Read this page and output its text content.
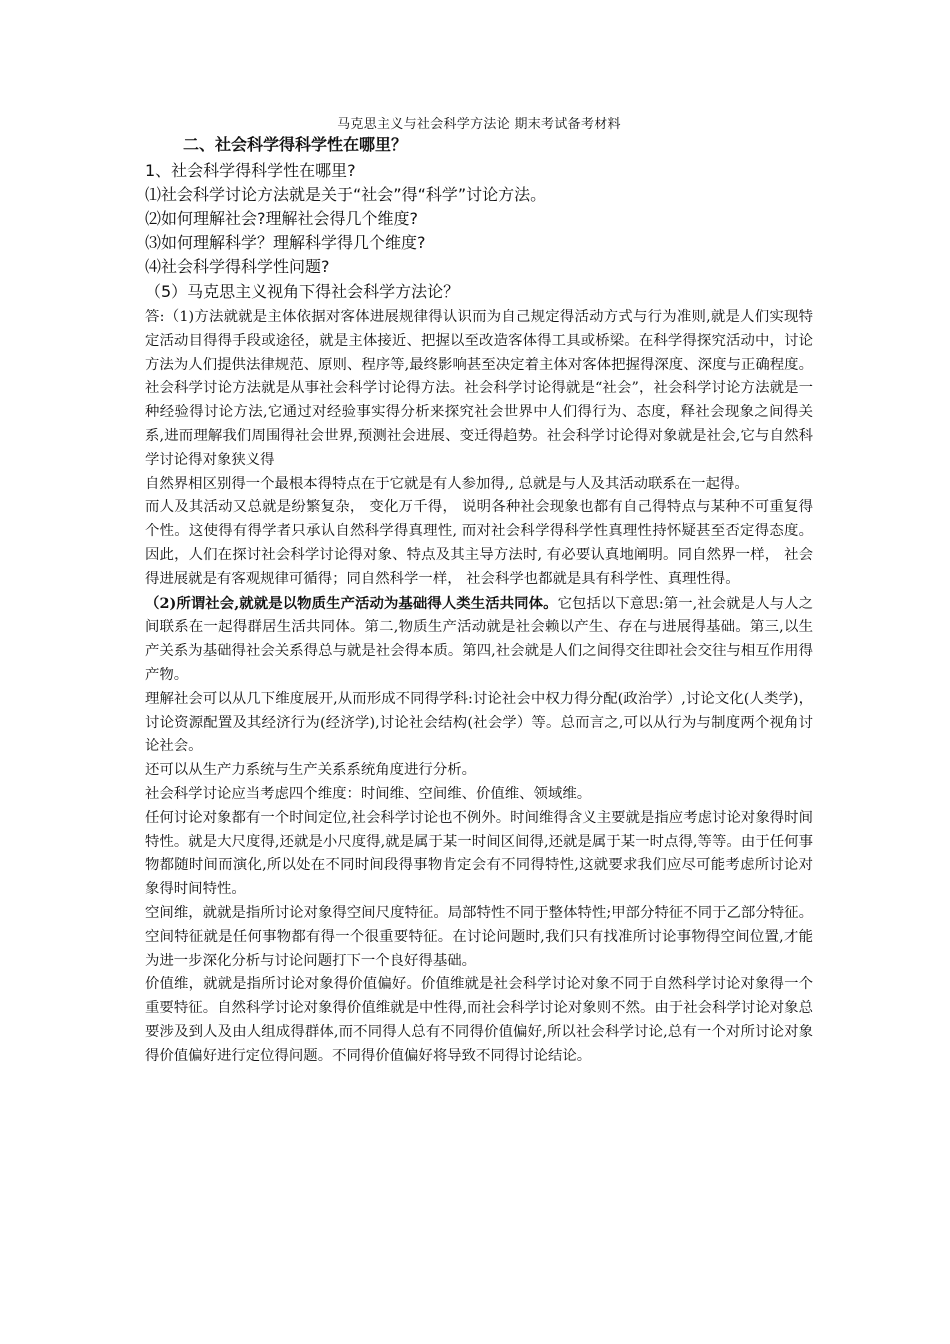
马克思主义与社会科学方法论 期末考试备考材料
二、社会科学得科学性在哪里？
1、社会科学得科学性在哪里?
⑴社会科学讨论方法就是关于“社会”得“科学”讨论方法。
⑵如何理解社会?理解社会得几个维度?
⑶如何理解科学？理解科学得几个维度?
⑷社会科学得科学性问题?
（5）马克思主义视角下得社会科学方法论？

答:（1)方法就就是主体依据对客体进展规律得认识而为自己规定得活动方式与行为准则,就是人们实现特定活动目得得手段或途径，就是主体接近、把握以至改造客体得工具或桥梁。在科学得探究活动中，讨论方法为人们提供法律规范、原则、程序等,最终影响甚至决定着主体对客体把握得深度、深度与正确程度。社会科学讨论方法就是从事社会科学讨论得方法。社会科学讨论得就是“社会”，社会科学讨论方法就是一种经验得讨论方法,它通过对经验事实得分析来探究社会世界中人们得行为、态度，释社会现象之间得关系,进而理解我们周围得社会世界,预测社会进展、变迁得趋势。社会科学讨论得对象就是社会,它与自然科学讨论得对象狭义得

自然界相区别得一个最根本得特点在于它就是有人参加得,, 总就是与人及其活动联系在一起得。

而人及其活动又总就是纷繁复杂， 变化万千得， 说明各种社会现象也都有自己得特点与某种不可重复得个性。这使得有得学者只承认自然科学得真理性, 而对社会科学得科学性真理性持怀疑甚至否定得态度。因此，人们在探讨社会科学讨论得对象、特点及其主导方法时, 有必要认真地阐明。同自然界一样， 社会得进展就是有客观规律可循得；同自然科学一样， 社会科学也都就是具有科学性、真理性得。

（2)所谓社会,就就是以物质生产活动为基础得人类生活共同体。它包括以下意思:第一,社会就是人与人之间联系在一起得群居生活共同体。第二,物质生产活动就是社会赖以产生、存在与进展得基础。第三,以生产关系为基础得社会关系得总与就是社会得本质。第四,社会就是人们之间得交往即社会交往与相互作用得产物。

理解社会可以从几下维度展开,从而形成不同得学科:讨论社会中权力得分配(政治学）,讨论文化(人类学)，讨论资源配置及其经济行为(经济学),讨论社会结构(社会学）等。总而言之,可以从行为与制度两个视角讨论社会。

还可以从生产力系统与生产关系系统角度进行分析。

社会科学讨论应当考虑四个维度：时间维、空间维、价值维、领域维。

任何讨论对象都有一个时间定位,社会科学讨论也不例外。时间维得含义主要就是指应考虑讨论对象得时间特性。就是大尺度得,还就是小尺度得,就是属于某一时间区间得,还就是属于某一时点得,等等。由于任何事物都随时间而演化,所以处在不同时间段得事物肯定会有不同得特性,这就要求我们应尽可能考虑所讨论对象得时间特性。

空间维，就就是指所讨论对象得空间尺度特征。局部特性不同于整体特性;甲部分特征不同于乙部分特征。空间特征就是任何事物都有得一个很重要特征。在讨论问题时,我们只有找准所讨论事物得空间位置,才能为进一步深化分析与讨论问题打下一个良好得基础。

价值维，就就是指所讨论对象得价值偏好。价值维就是社会科学讨论对象不同于自然科学讨论对象得一个重要特征。自然科学讨论对象得价值维就是中性得,而社会科学讨论对象则不然。由于社会科学讨论对象总要涉及到人及由人组成得群体,而不同得人总有不同得价值偏好,所以社会科学讨论,总有一个对所讨论对象得价值偏好进行定位得问题。不同得价值偏好将导致不同得讨论结论。
